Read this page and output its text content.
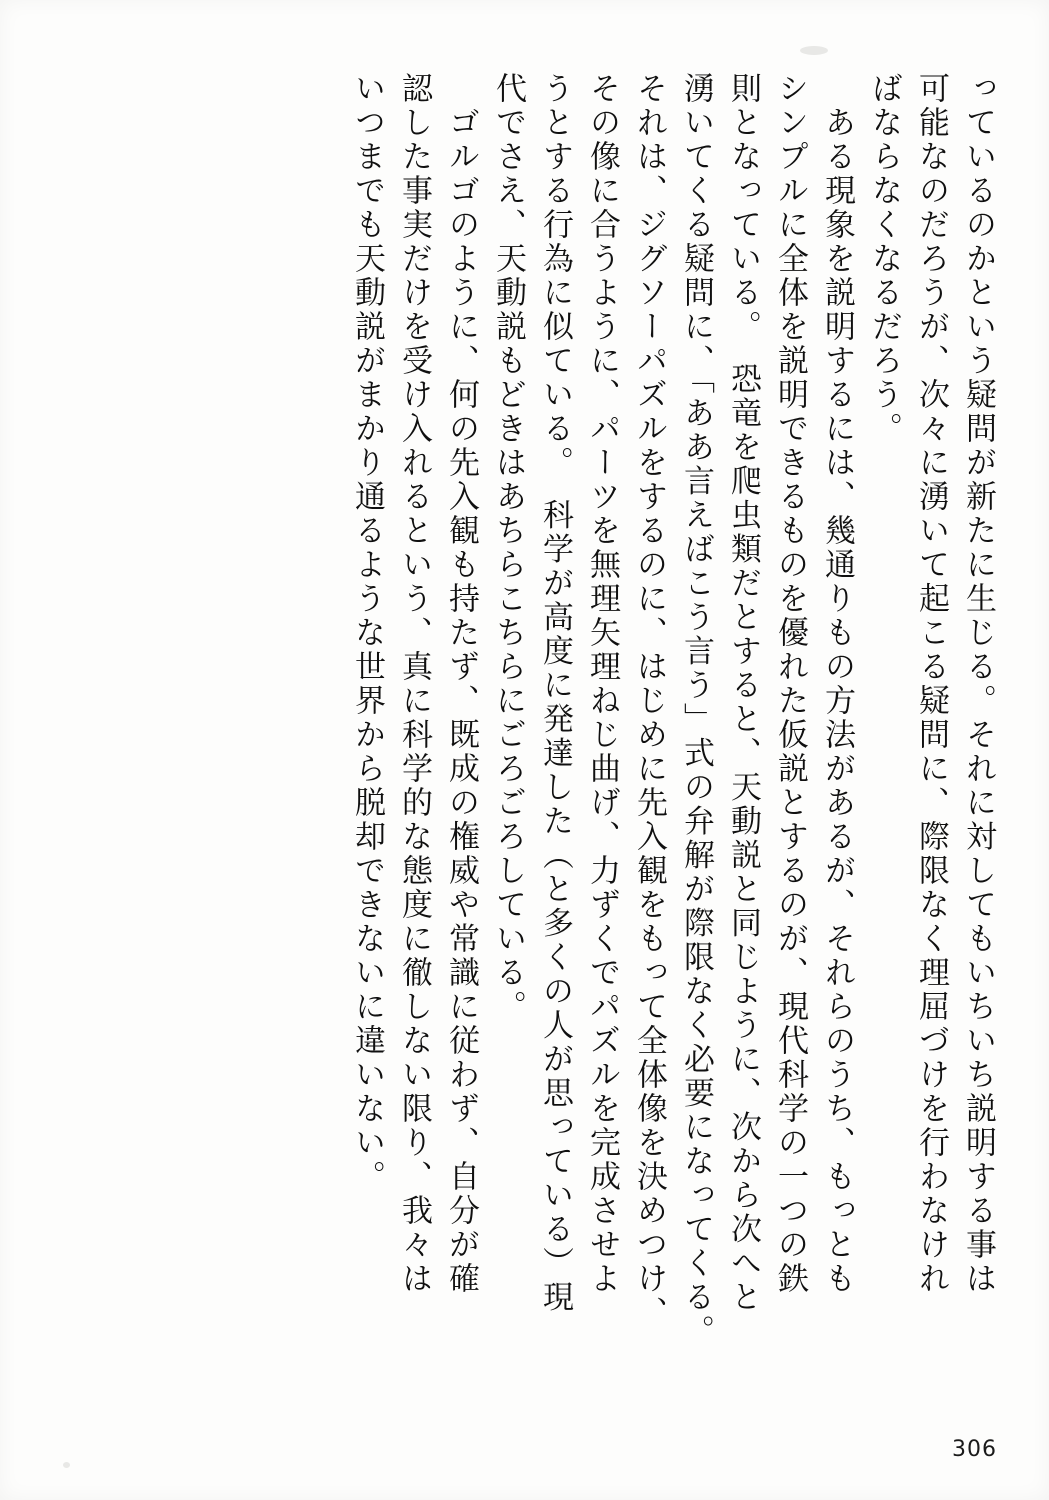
っているのかという疑問が新たに生じる。それに対してもいちいち説明する事は
可能なのだろうが、次々に湧いて起こる疑問に、際限なく理屈づけを行わなけれ
ばならなくなるだろう。
ある現象を説明するには、幾通りもの方法があるが、それらのうち、もっとも
シンプルに全体を説明できるものを優れた仮説とするのが、現代科学の一つの鉄
則となっている。　恐竜を爬虫類だとすると、天動説と同じように、次から次へと
湧いてくる疑問に、「ああ言えばこう言う」式の弁解が際限なく必要になってくる。
それは、ジグソーパズルをするのに、はじめに先入観をもって全体像を決めつけ、
その像に合うように、パーツを無理矢理ねじ曲げ、力ずくでパズルを完成させよ
うとする行為に似ている。　科学が高度に発達した（と多くの人が思っている）現
代でさえ、天動説もどきはあちらこちらにごろごろしている。
ゴルゴのように、何の先入観も持たず、既成の権威や常識に従わず、自分が確
認した事実だけを受け入れるという、真に科学的な態度に徹しない限り、我々は
いつまでも天動説がまかり通るような世界から脱却できないに違いない。
306
